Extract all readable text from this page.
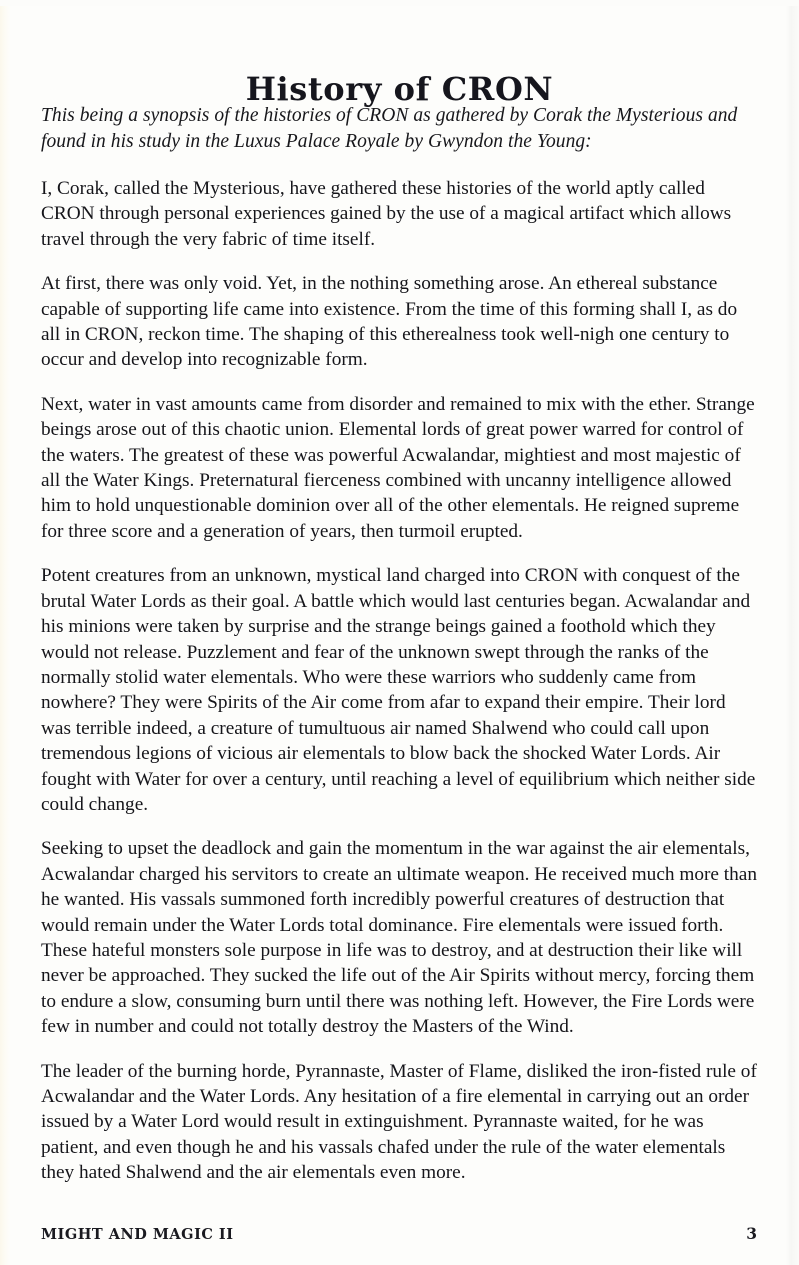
History of CRON

This being a synopsis of the histories of CRON as gathered by Corak the Mysterious and found in his study in the Luxus Palace Royale by Gwyndon the Young:

I, Corak, called the Mysterious, have gathered these histories of the world aptly called CRON through personal experiences gained by the use of a magical artifact which allows travel through the very fabric of time itself.

At first, there was only void. Yet, in the nothing something arose. An ethereal substance capable of supporting life came into existence. From the time of this forming shall I, as do all in CRON, reckon time. The shaping of this etherealness took well-nigh one century to occur and develop into recognizable form.

Next, water in vast amounts came from disorder and remained to mix with the ether. Strange beings arose out of this chaotic union. Elemental lords of great power warred for control of the waters. The greatest of these was powerful Acwalandar, mightiest and most majestic of all the Water Kings. Preternatural fierceness combined with uncanny intelligence allowed him to hold unquestionable dominion over all of the other elementals. He reigned supreme for three score and a generation of years, then turmoil erupted.

Potent creatures from an unknown, mystical land charged into CRON with conquest of the brutal Water Lords as their goal. A battle which would last centuries began. Acwalandar and his minions were taken by surprise and the strange beings gained a foothold which they would not release. Puzzlement and fear of the unknown swept through the ranks of the normally stolid water elementals. Who were these warriors who suddenly came from nowhere? They were Spirits of the Air come from afar to expand their empire. Their lord was terrible indeed, a creature of tumultuous air named Shalwend who could call upon tremendous legions of vicious air elementals to blow back the shocked Water Lords. Air fought with Water for over a century, until reaching a level of equilibrium which neither side could change.

Seeking to upset the deadlock and gain the momentum in the war against the air elementals, Acwalandar charged his servitors to create an ultimate weapon. He received much more than he wanted. His vassals summoned forth incredibly powerful creatures of destruction that would remain under the Water Lords total dominance. Fire elementals were issued forth. These hateful monsters sole purpose in life was to destroy, and at destruction their like will never be approached. They sucked the life out of the Air Spirits without mercy, forcing them to endure a slow, consuming burn until there was nothing left. However, the Fire Lords were few in number and could not totally destroy the Masters of the Wind.

The leader of the burning horde, Pyrannaste, Master of Flame, disliked the iron-fisted rule of Acwalandar and the Water Lords. Any hesitation of a fire elemental in carrying out an order issued by a Water Lord would result in extinguishment. Pyrannaste waited, for he was patient, and even though he and his vassals chafed under the rule of the water elementals they hated Shalwend and the air elementals even more.

MIGHT AND MAGIC II	3
